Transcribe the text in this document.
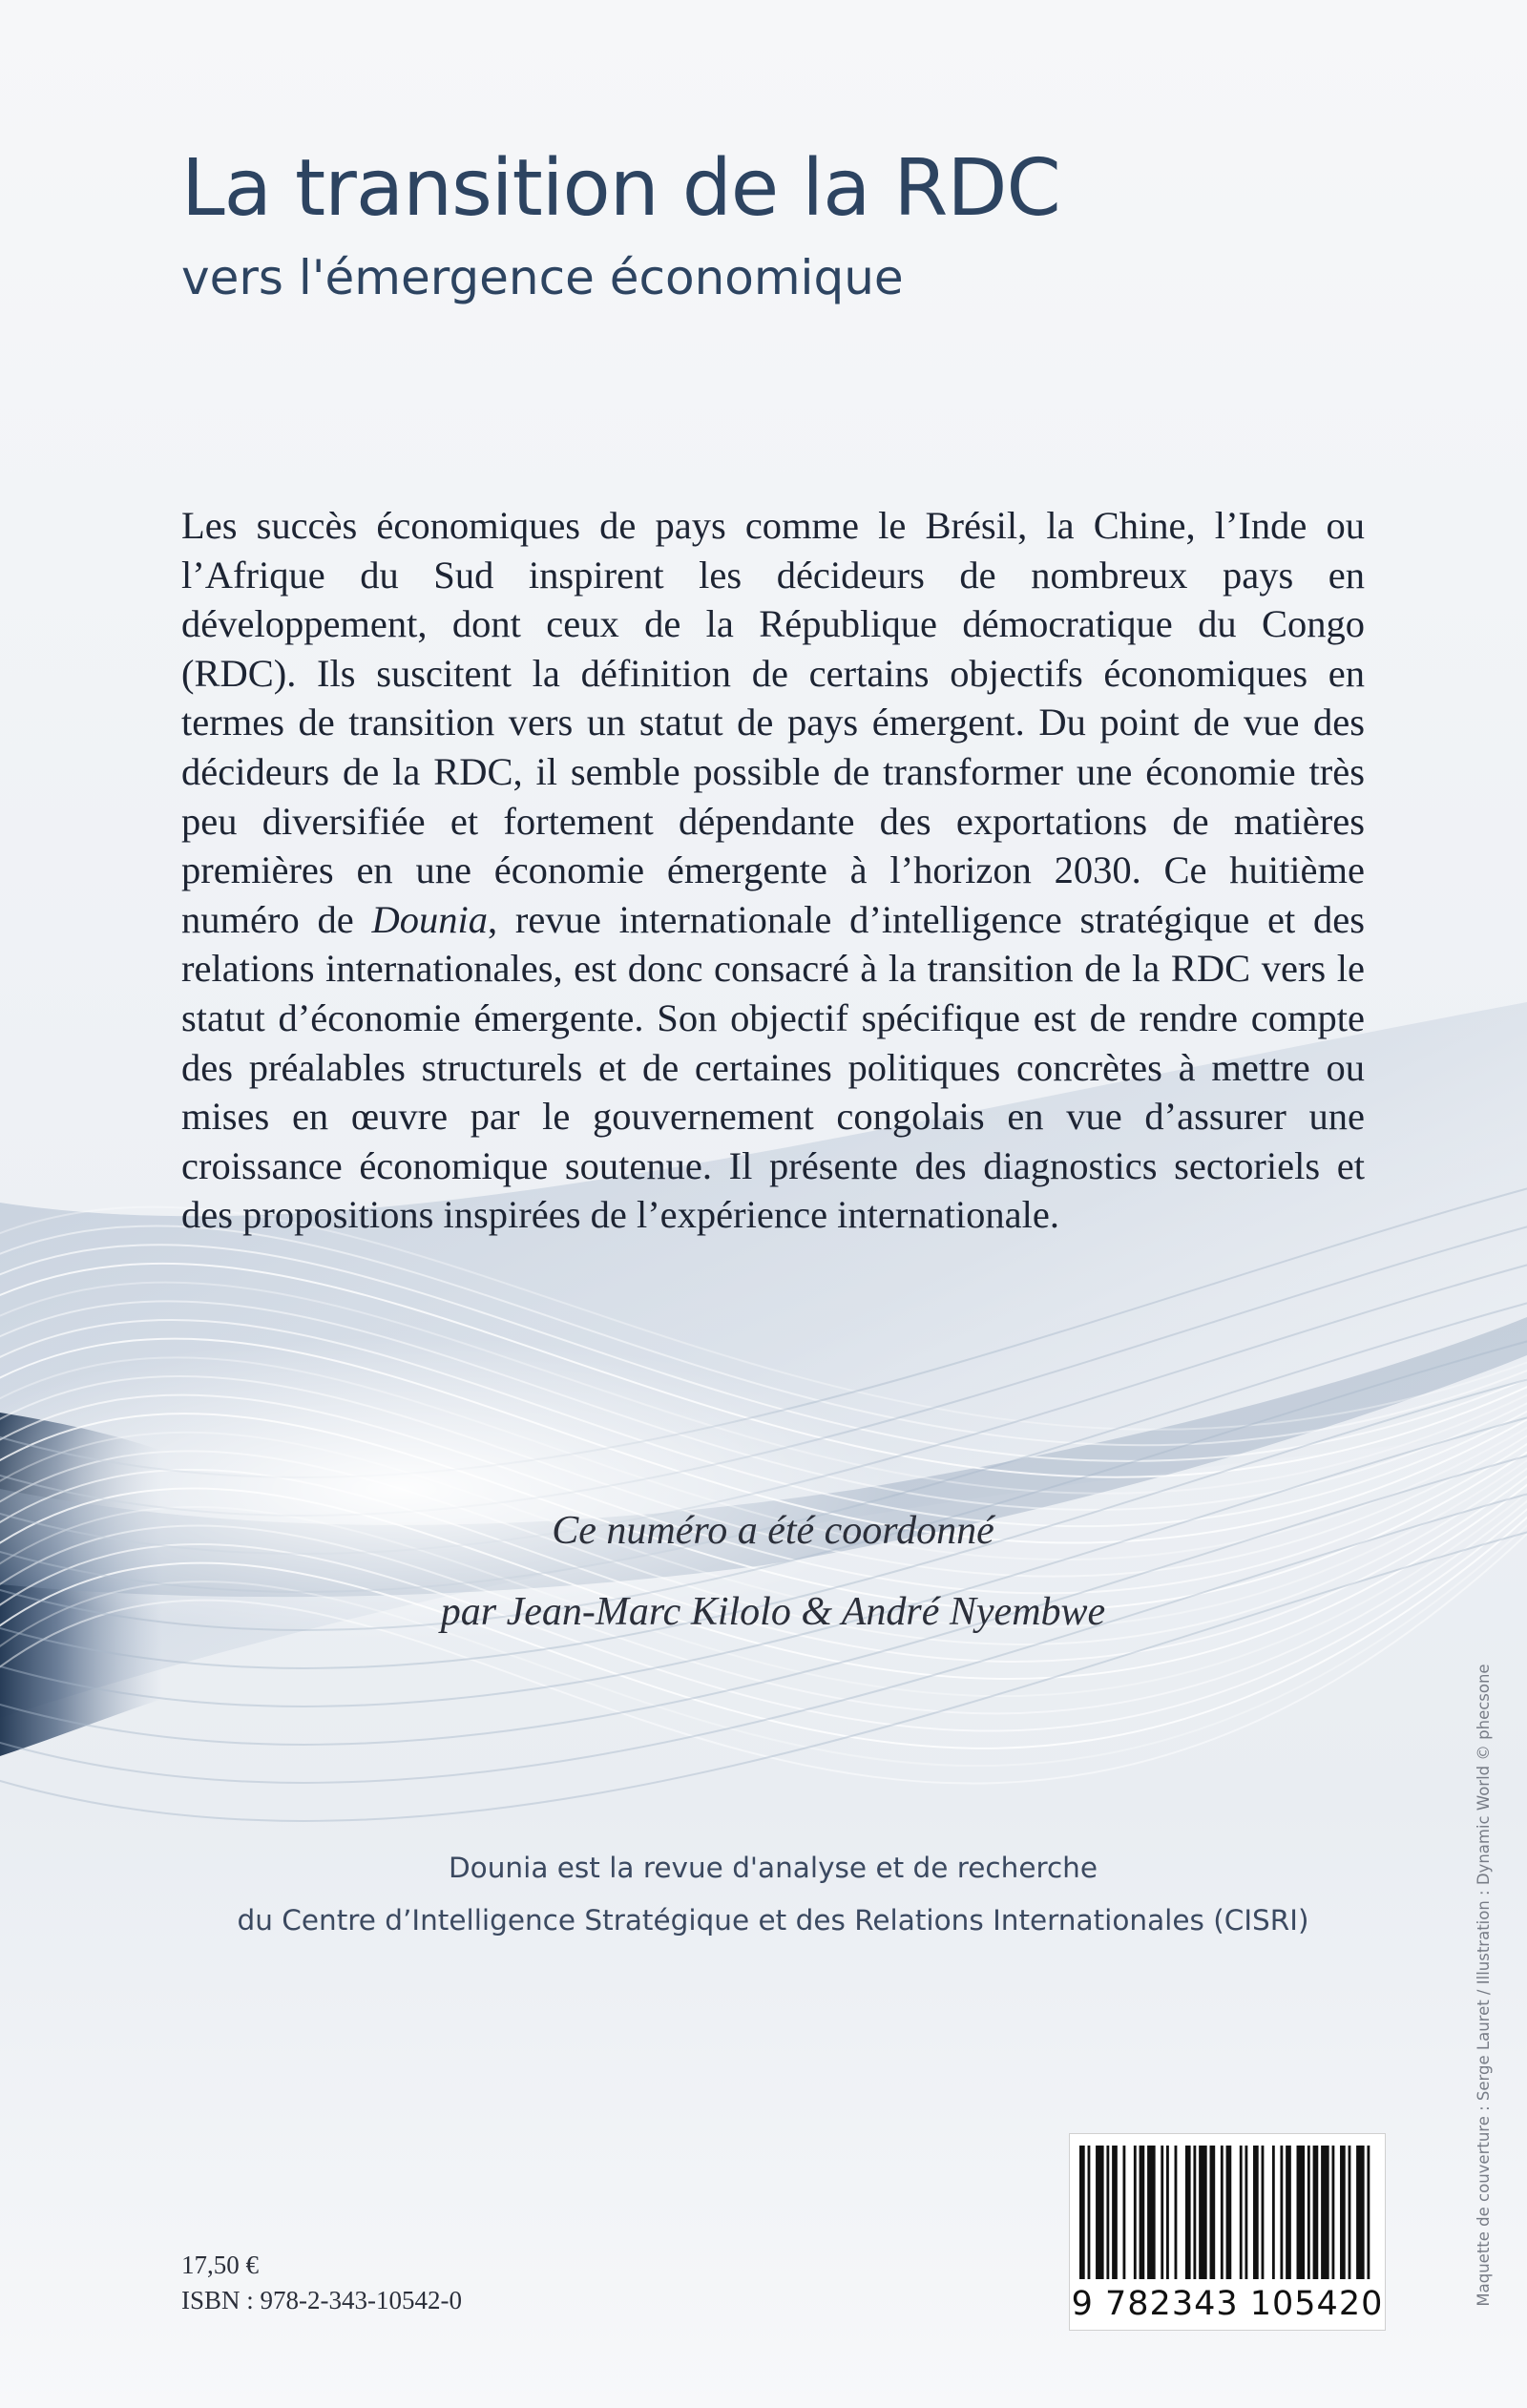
La transition de la RDC
vers l'émergence économique

Les succès économiques de pays comme le Brésil, la Chine, l’Inde ou l’Afrique du Sud inspirent les décideurs de nombreux pays en développement, dont ceux de la République démocratique du Congo (RDC). Ils suscitent la définition de certains objectifs économiques en termes de transition vers un statut de pays émergent. Du point de vue des décideurs de la RDC, il semble possible de transformer une économie très peu diversifiée et fortement dépendante des exportations de matières premières en une économie émergente à l’horizon 2030. Ce huitième numéro de Dounia, revue internationale d’intelligence stratégique et des relations internationales, est donc consacré à la transition de la RDC vers le statut d’économie émergente. Son objectif spécifique est de rendre compte des préalables structurels et de certaines politiques concrètes à mettre ou mises en œuvre par le gouvernement congolais en vue d’assurer une croissance économique soutenue. Il présente des diagnostics sectoriels et des propositions inspirées de l’expérience internationale.

Ce numéro a été coordonné

par Jean-Marc Kilolo & André Nyembwe

Dounia est la revue d'analyse et de recherche

du Centre d’Intelligence Stratégique et des Relations Internationales (CISRI)

17,50 €

ISBN : 978-2-343-10542-0	9 782343 105420	Maquette de couverture : Serge Lauret / Illustration : Dynamic World © phecsone
